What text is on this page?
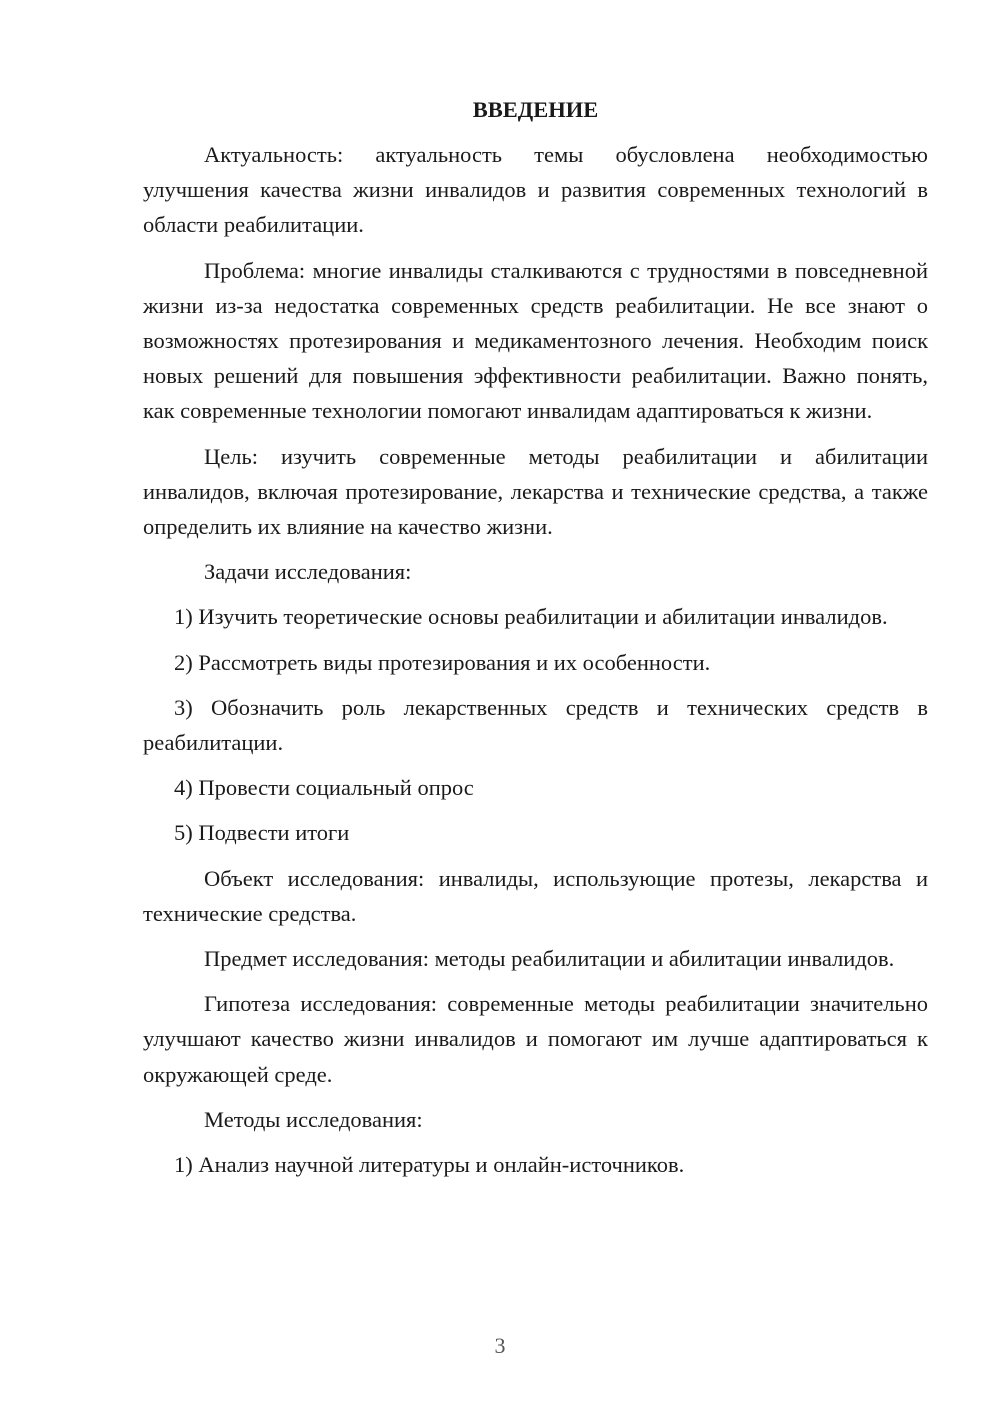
ВВЕДЕНИЕ

Актуальность: актуальность темы обусловлена необходимостью улучшения качества жизни инвалидов и развития современных технологий в области реабилитации.

Проблема: многие инвалиды сталкиваются с трудностями в повседневной жизни из-за недостатка современных средств реабилитации. Не все знают о возможностях протезирования и медикаментозного лечения. Необходим поиск новых решений для повышения эффективности реабилитации. Важно понять, как современные технологии помогают инвалидам адаптироваться к жизни.

Цель: изучить современные методы реабилитации и абилитации инвалидов, включая протезирование, лекарства и технические средства, а также определить их влияние на качество жизни.

Задачи исследования:

1) Изучить теоретические основы реабилитации и абилитации инвалидов.

2) Рассмотреть виды протезирования и их особенности.

3) Обозначить роль лекарственных средств и технических средств в реабилитации.

4) Провести социальный опрос

5) Подвести итоги

Объект исследования: инвалиды, использующие протезы, лекарства и технические средства.

Предмет исследования: методы реабилитации и абилитации инвалидов.

Гипотеза исследования: современные методы реабилитации значительно улучшают качество жизни инвалидов и помогают им лучше адаптироваться к окружающей среде.

Методы исследования:

1) Анализ научной литературы и онлайн-источников.

3
